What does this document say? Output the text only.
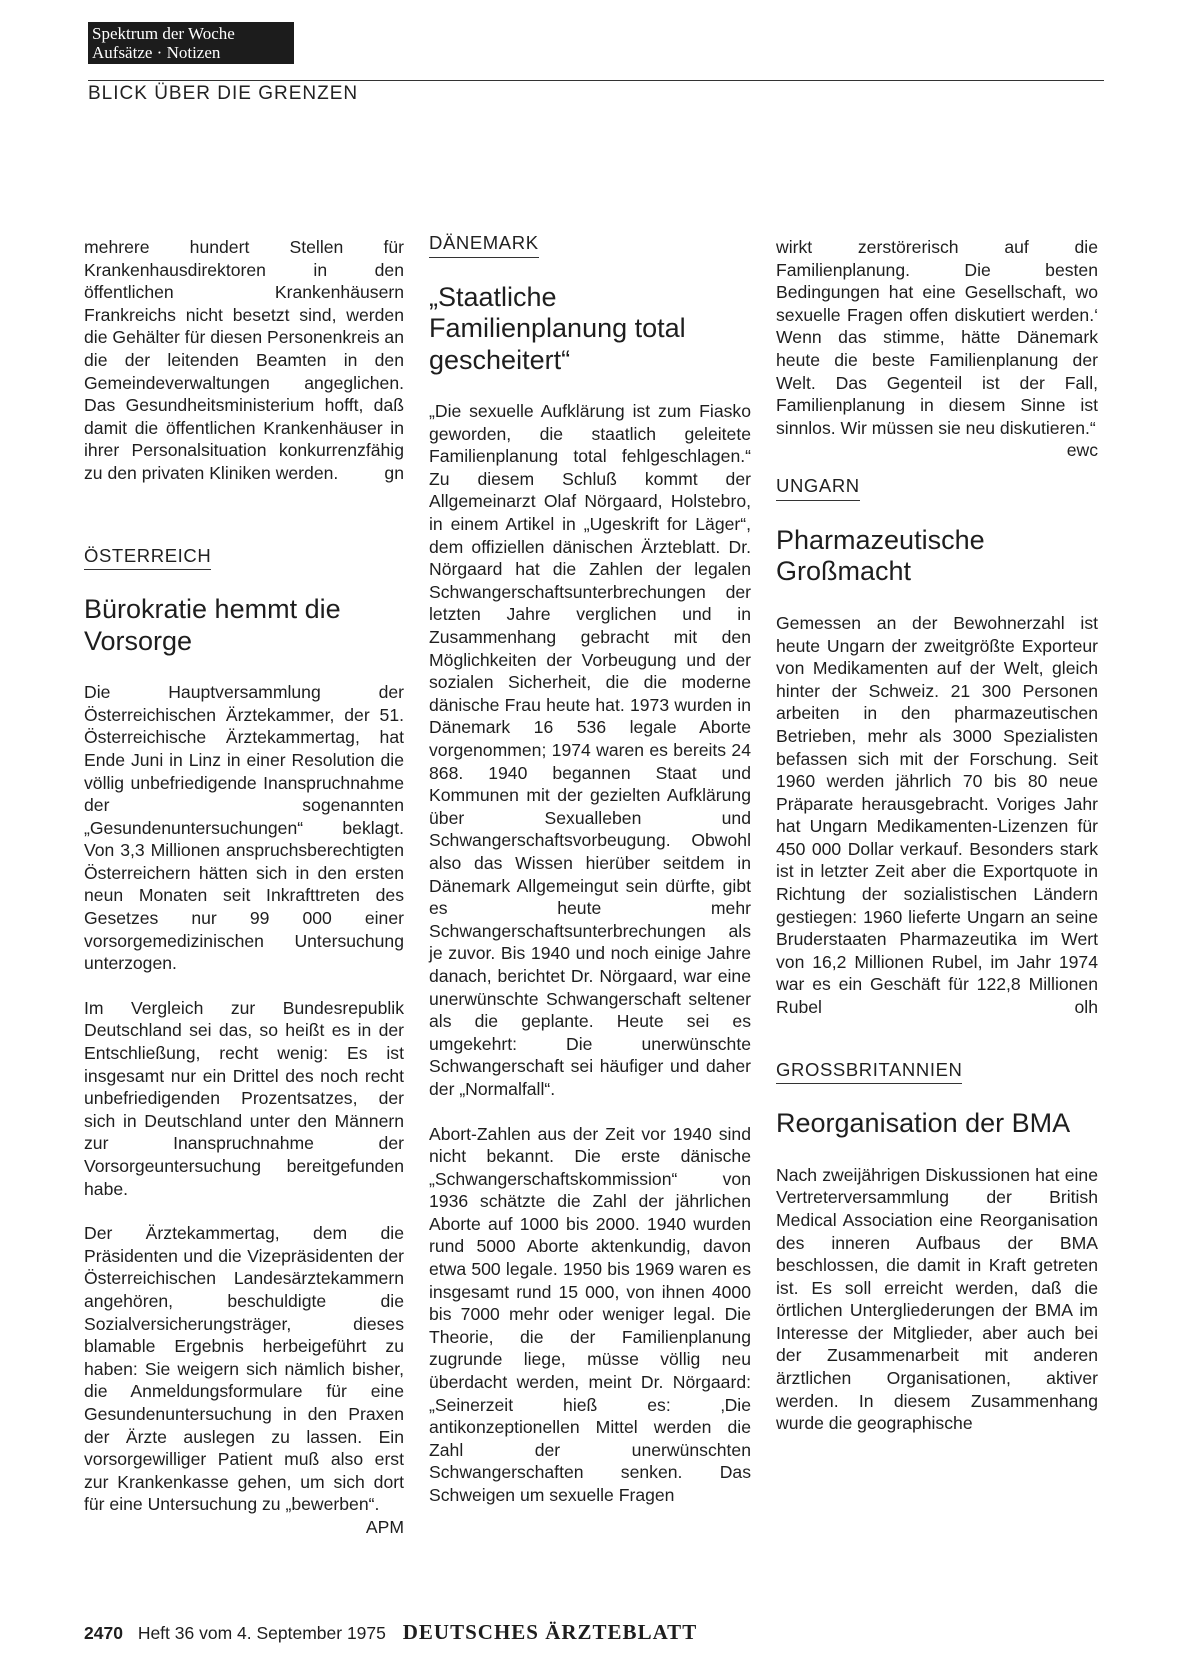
Spektrum der Woche
Aufsätze · Notizen
BLICK ÜBER DIE GRENZEN

mehrere hundert Stellen für Krankenhausdirektoren in den öffentlichen Krankenhäusern Frankreichs nicht besetzt sind, werden die Gehälter für diesen Personenkreis an die der leitenden Beamten in den Gemeindeverwaltungen angeglichen. Das Gesundheitsministerium hofft, daß damit die öffentlichen Krankenhäuser in ihrer Personalsituation konkurrenzfähig zu den privaten Kliniken werden.	gn

ÖSTERREICH
Bürokratie hemmt die Vorsorge

Die Hauptversammlung der Österreichischen Ärztekammer, der 51. Österreichische Ärztekammertag, hat Ende Juni in Linz in einer Resolution die völlig unbefriedigende Inanspruchnahme der sogenannten „Gesundenuntersuchungen“ beklagt. Von 3,3 Millionen anspruchsberechtigten Österreichern hätten sich in den ersten neun Monaten seit Inkrafttreten des Gesetzes nur 99 000 einer vorsorgemedizinischen Untersuchung unterzogen.

Im Vergleich zur Bundesrepublik Deutschland sei das, so heißt es in der Entschließung, recht wenig: Es ist insgesamt nur ein Drittel des noch recht unbefriedigenden Prozentsatzes, der sich in Deutschland unter den Männern zur Inanspruchnahme der Vorsorgeuntersuchung bereitgefunden habe.

Der Ärztekammertag, dem die Präsidenten und die Vizepräsidenten der Österreichischen Landesärztekammern angehören, beschuldigte die Sozialversicherungsträger, dieses blamable Ergebnis herbeigeführt zu haben: Sie weigern sich nämlich bisher, die Anmeldungsformulare für eine Gesundenuntersuchung in den Praxen der Ärzte auslegen zu lassen. Ein vorsorgewilliger Patient muß also erst zur Krankenkasse gehen, um sich dort für eine Untersuchung zu „bewerben“.
APM

DÄNEMARK
„Staatliche Familienplanung total gescheitert“

„Die sexuelle Aufklärung ist zum Fiasko geworden, die staatlich geleitete Familienplanung total fehlgeschlagen.“ Zu diesem Schluß kommt der Allgemeinarzt Olaf Nörgaard, Holstebro, in einem Artikel in „Ugeskrift for Läger“, dem offiziellen dänischen Ärzteblatt. Dr. Nörgaard hat die Zahlen der legalen Schwangerschaftsunterbrechungen der letzten Jahre verglichen und in Zusammenhang gebracht mit den Möglichkeiten der Vorbeugung und der sozialen Sicherheit, die die moderne dänische Frau heute hat. 1973 wurden in Dänemark 16 536 legale Aborte vorgenommen; 1974 waren es bereits 24 868. 1940 begannen Staat und Kommunen mit der gezielten Aufklärung über Sexualleben und Schwangerschaftsvorbeugung. Obwohl also das Wissen hierüber seitdem in Dänemark Allgemeingut sein dürfte, gibt es heute mehr Schwangerschaftsunterbrechungen als je zuvor. Bis 1940 und noch einige Jahre danach, berichtet Dr. Nörgaard, war eine unerwünschte Schwangerschaft seltener als die geplante. Heute sei es umgekehrt: Die unerwünschte Schwangerschaft sei häufiger und daher der „Normalfall“.

Abort-Zahlen aus der Zeit vor 1940 sind nicht bekannt. Die erste dänische „Schwangerschaftskommission“ von 1936 schätzte die Zahl der jährlichen Aborte auf 1000 bis 2000. 1940 wurden rund 5000 Aborte aktenkundig, davon etwa 500 legale. 1950 bis 1969 waren es insgesamt rund 15 000, von ihnen 4000 bis 7000 mehr oder weniger legal. Die Theorie, die der Familienplanung zugrunde liege, müsse völlig neu überdacht werden, meint Dr. Nörgaard: „Seinerzeit hieß es: ‚Die antikonzeptionellen Mittel werden die Zahl der unerwünschten Schwangerschaften senken. Das Schweigen um sexuelle Fragen

wirkt zerstörerisch auf die Familienplanung. Die besten Bedingungen hat eine Gesellschaft, wo sexuelle Fragen offen diskutiert werden.‘ Wenn das stimme, hätte Dänemark heute die beste Familienplanung der Welt. Das Gegenteil ist der Fall, Familienplanung in diesem Sinne ist sinnlos. Wir müssen sie neu diskutieren.“
ewc

UNGARN
Pharmazeutische Großmacht

Gemessen an der Bewohnerzahl ist heute Ungarn der zweitgrößte Exporteur von Medikamenten auf der Welt, gleich hinter der Schweiz. 21 300 Personen arbeiten in den pharmazeutischen Betrieben, mehr als 3000 Spezialisten befassen sich mit der Forschung. Seit 1960 werden jährlich 70 bis 80 neue Präparate herausgebracht. Voriges Jahr hat Ungarn Medikamenten-Lizenzen für 450 000 Dollar verkauf. Besonders stark ist in letzter Zeit aber die Exportquote in Richtung der sozialistischen Ländern gestiegen: 1960 lieferte Ungarn an seine Bruderstaaten Pharmazeutika im Wert von 16,2 Millionen Rubel, im Jahr 1974 war es ein Geschäft für 122,8 Millionen Rubel	olh

GROSSBRITANNIEN
Reorganisation der BMA

Nach zweijährigen Diskussionen hat eine Vertreterversammlung der British Medical Association eine Reorganisation des inneren Aufbaus der BMA beschlossen, die damit in Kraft getreten ist. Es soll erreicht werden, daß die örtlichen Untergliederungen der BMA im Interesse der Mitglieder, aber auch bei der Zusammenarbeit mit anderen ärztlichen Organisationen, aktiver werden. In diesem Zusammenhang wurde die geographische

2470 Heft 36 vom 4. September 1975 DEUTSCHES ÄRZTEBLATT
